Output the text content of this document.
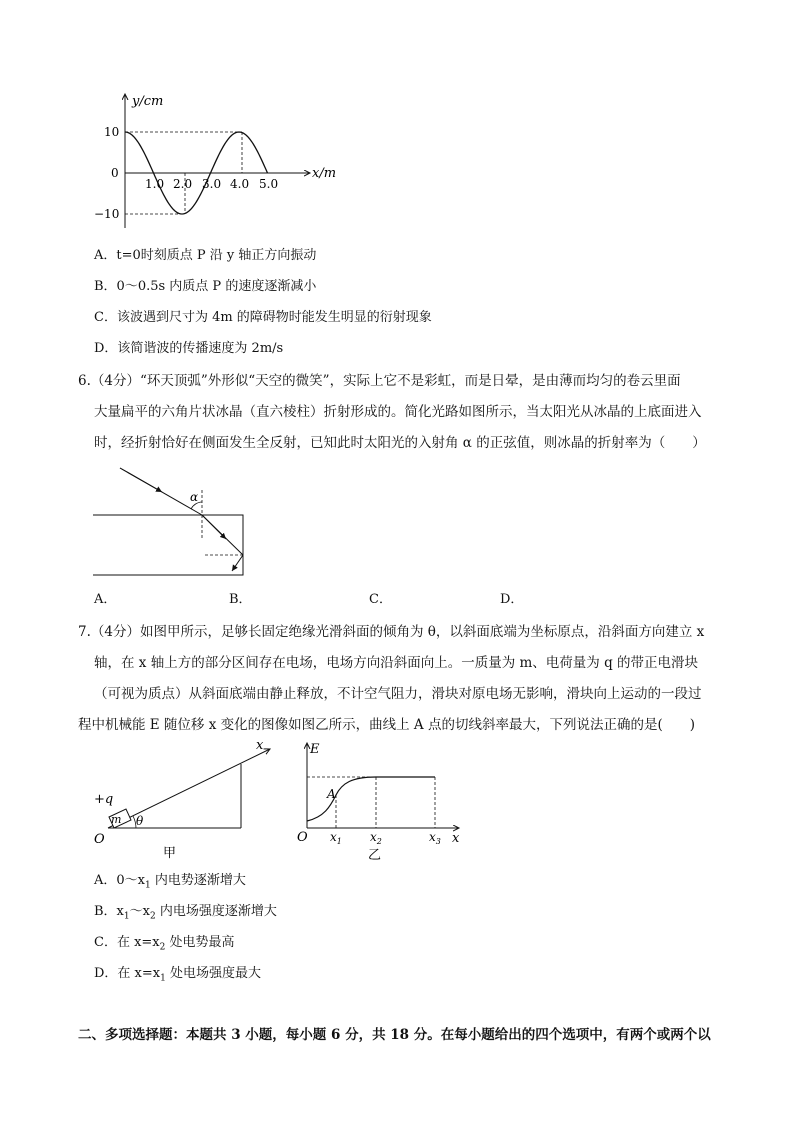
y/cm
x/m
10
0
−10
1.0 2.0 3.0 4.0 5.0
A．t=0时刻质点 P 沿 y 轴正方向振动
B．0～0.5s 内质点 P 的速度逐渐减小
C．该波遇到尺寸为 4m 的障碍物时能发生明显的衍射现象
D．该简谐波的传播速度为 2m/s
6.（4分）“环天顶弧”外形似“天空的微笑”，实际上它不是彩虹，而是日晕，是由薄而均匀的卷云里面
大量扁平的六角片状冰晶（直六棱柱）折射形成的。简化光路如图所示，当太阳光从冰晶的上底面进入
时，经折射恰好在侧面发生全反射，已知此时太阳光的入射角 α 的正弦值，则冰晶的折射率为（　　）
α
A．	B．	C．	D．
7.（4分）如图甲所示，足够长固定绝缘光滑斜面的倾角为 θ，以斜面底端为坐标原点，沿斜面方向建立 x
轴，在 x 轴上方的部分区间存在电场，电场方向沿斜面向上。一质量为 m、电荷量为 q 的带正电滑块
（可视为质点）从斜面底端由静止释放，不计空气阻力，滑块对原电场无影响，滑块向上运动的一段过
程中机械能 E 随位移 x 变化的图像如图乙所示，曲线上 A 点的切线斜率最大，下列说法正确的是(　　)
x
+q
m
O
θ
甲
E
A
O $x_1$ $x_2$	$x_3$ x
乙
A．$0\sim x_1$ 内电势逐渐增大
B．$x_1\sim x_2$ 内电场强度逐渐增大
C．在 $x=x_2$ 处电势最高
D．在 $x=x_1$ 处电场强度最大
二、多项选择题：本题共 3 小题，每小题 6 分，共 18 分。在每小题给出的四个选项中，有两个或两个以
